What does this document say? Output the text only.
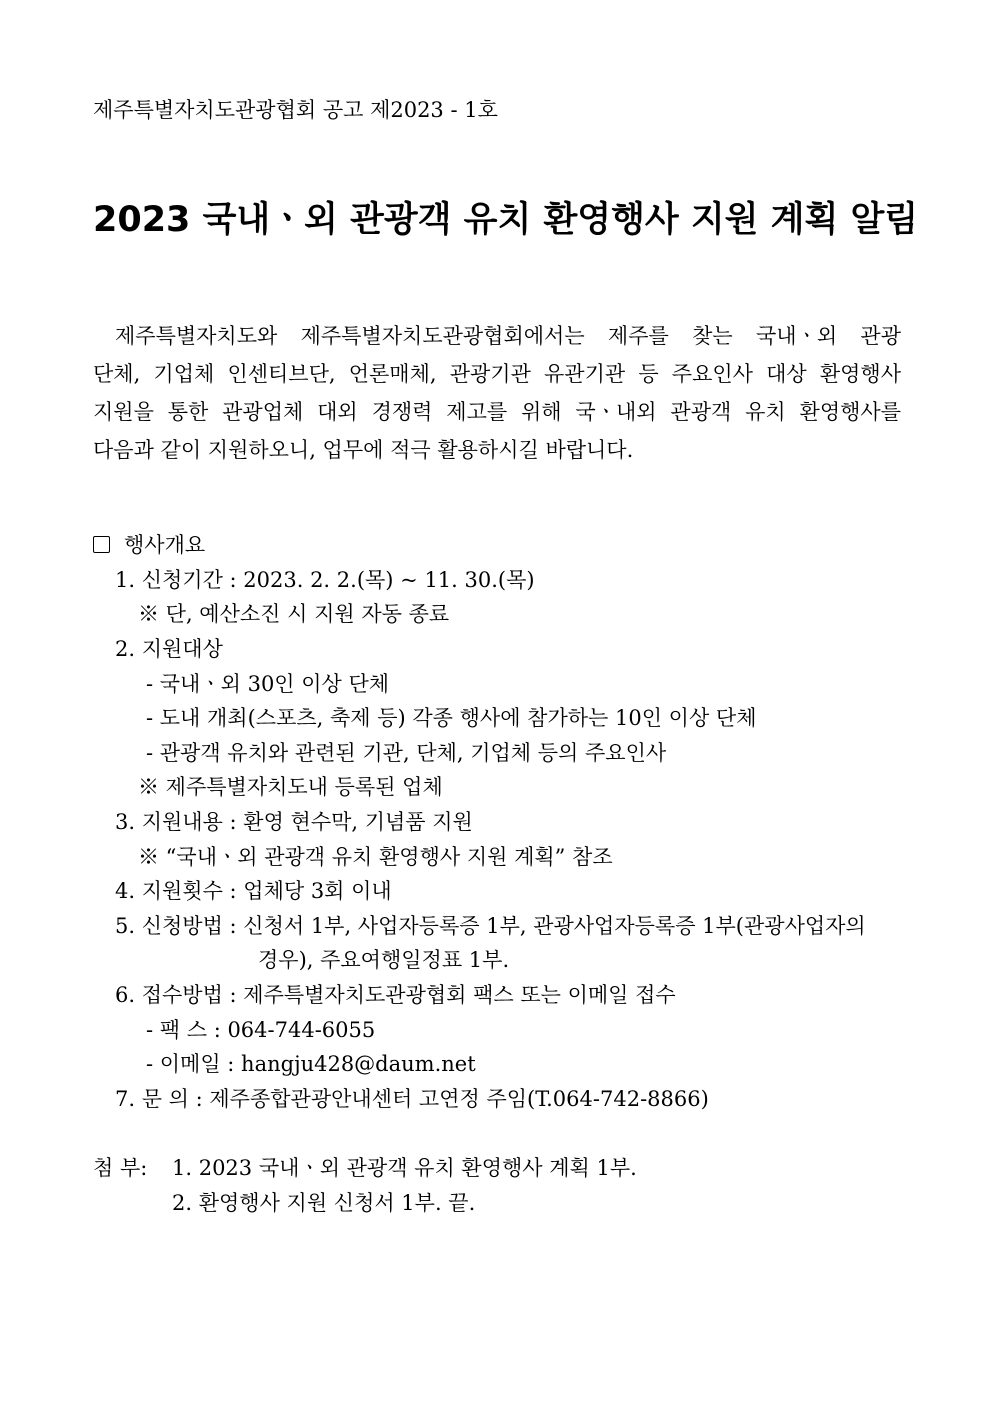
제주특별자치도관광협회 공고 제2023 - 1호
2023 국내ㆍ외 관광객 유치 환영행사 지원 계획 알림
제주특별자치도와 제주특별자치도관광협회에서는 제주를 찾는 국내ㆍ외 관광
단체, 기업체 인센티브단, 언론매체, 관광기관 유관기관 등 주요인사 대상 환영행사
지원을 통한 관광업체 대외 경쟁력 제고를 위해 국ㆍ내외 관광객 유치 환영행사를
다음과 같이 지원하오니, 업무에 적극 활용하시길 바랍니다.
행사개요
1. 신청기간 : 2023. 2. 2.(목) ~ 11. 30.(목)
※ 단, 예산소진 시 지원 자동 종료
2. 지원대상
- 국내ㆍ외 30인 이상 단체
- 도내 개최(스포츠, 축제 등) 각종 행사에 참가하는 10인 이상 단체
- 관광객 유치와 관련된 기관, 단체, 기업체 등의 주요인사
※ 제주특별자치도내 등록된 업체
3. 지원내용 : 환영 현수막, 기념품 지원
※ “국내ㆍ외 관광객 유치 환영행사 지원 계획” 참조
4. 지원횟수 : 업체당 3회 이내
5. 신청방법 : 신청서 1부, 사업자등록증 1부, 관광사업자등록증 1부(관광사업자의
경우), 주요여행일정표 1부.
6. 접수방법 : 제주특별자치도관광협회 팩스 또는 이메일 접수
- 팩 스 : 064-744-6055
- 이메일 : hangju428@daum.net
7. 문 의 : 제주종합관광안내센터 고연정 주임(T.064-742-8866)
첨 부: 1. 2023 국내ㆍ외 관광객 유치 환영행사 계획 1부.
2. 환영행사 지원 신청서 1부. 끝.
